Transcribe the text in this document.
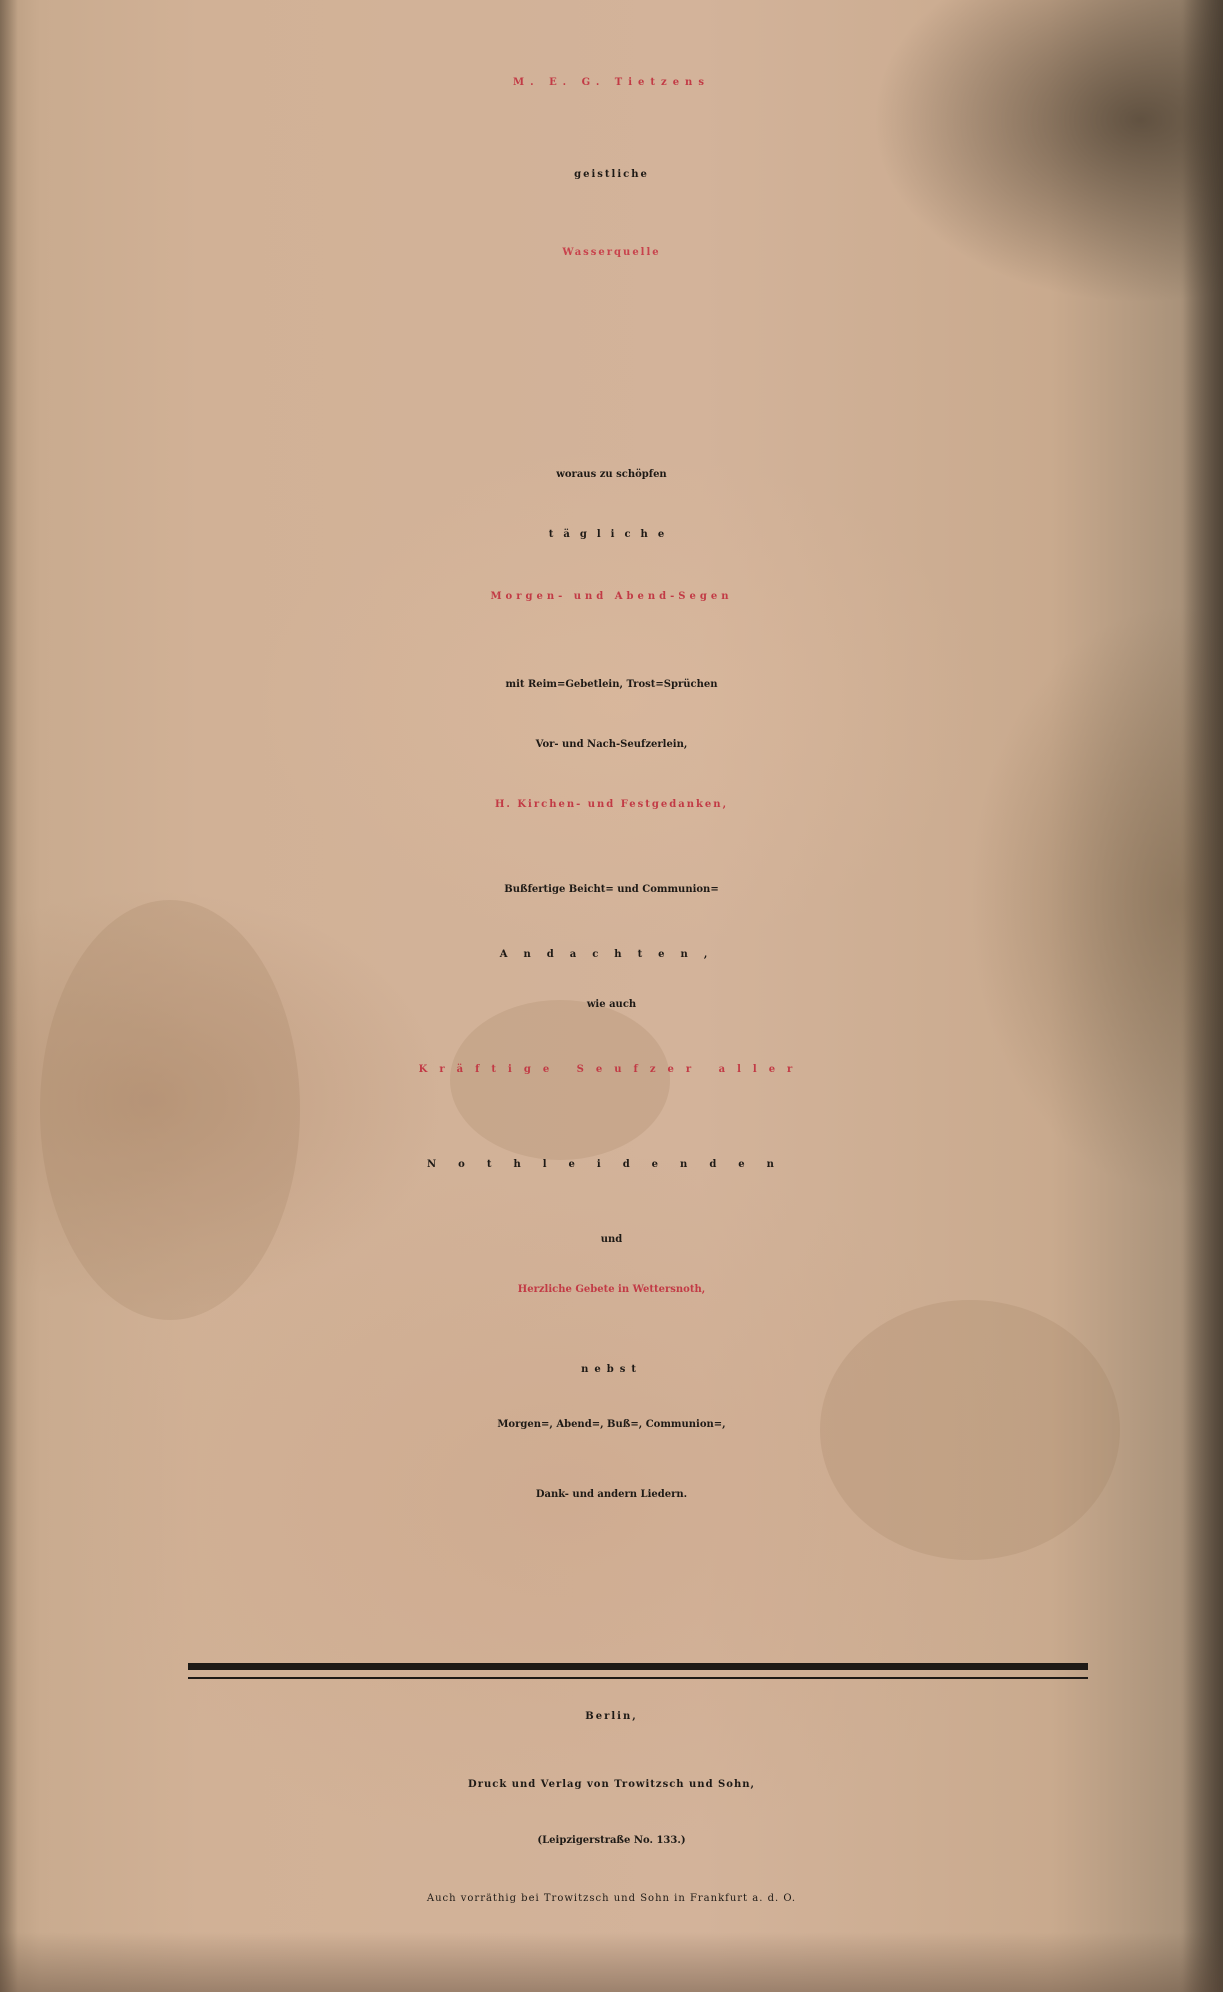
M. E. G. Tietzens
geistliche
Wasserquelle
woraus zu schöpfen
tägliche
Morgen- und Abend-Segen
mit Reim=Gebetlein, Trost=Sprüchen
Vor- und Nach-Seufzerlein,
H. Kirchen- und Festgedanken,
Bußfertige Beicht= und Communion=
Andachten,
wie auch
Kräftige Seufzer aller
Nothleidenden
und
Herzliche Gebete in Wettersnoth,
nebst
Morgen=, Abend=, Buß=, Communion=,
Dank- und andern Liedern.
Berlin,
Druck und Verlag von Trowitzsch und Sohn,
(Leipzigerstraße No. 133.)
Auch vorräthig bei Trowitzsch und Sohn in Frankfurt a. d. O.
